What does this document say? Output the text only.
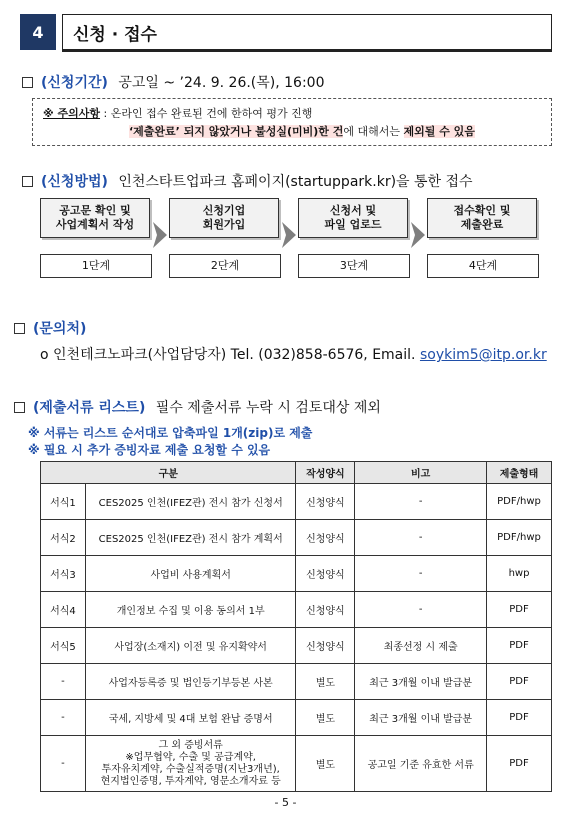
4	신청 · 접수
(신청기간) 공고일 ~ ’24. 9. 26.(목), 16:00
※ 주의사항 : 온라인 접수 완료된 건에 한하여 평가 진행
‘제출완료’ 되지 않았거나 불성실(미비)한 건에 대해서는 제외될 수 있음
(신청방법) 인천스타트업파크 홈페이지(startuppark.kr)을 통한 접수
공고문 확인 및
사업계획서 작성
신청기업
회원가입
신청서 및
파일 업로드
접수확인 및
제출완료
1단계	2단계	3단계	4단계
(문의처)
o 인천테크노파크(사업담당자) Tel. (032)858-6576, Email. soykim5@itp.or.kr
(제출서류 리스트) 필수 제출서류 누락 시 검토대상 제외
※ 서류는 리스트 순서대로 압축파일 1개(zip)로 제출
※ 필요 시 추가 증빙자료 제출 요청할 수 있음
구분		작성양식	비고	제출형태
서식1	CES2025 인천(IFEZ관) 전시 참가 신청서	신청양식	-	PDF/hwp
서식2	CES2025 인천(IFEZ관) 전시 참가 계획서	신청양식	-	PDF/hwp
서식3	사업비 사용계획서	신청양식	-	hwp
서식4	개인정보 수집 및 이용 동의서 1부	신청양식	-	PDF
서식5	사업장(소재지) 이전 및 유지확약서	신청양식	최종선정 시 제출	PDF
-	사업자등록증 및 법인등기부등본 사본	별도	최근 3개월 이내 발급분	PDF
-	국세, 지방세 및 4대 보험 완납 증명서	별도	최근 3개월 이내 발급분	PDF
-	그 외 증빙서류
※업무협약, 수출 및 공급계약,
투자유치계약, 수출실적증명(지난3개년),
현지법인증명, 투자계약, 영문소개자료 등	별도	공고일 기준 유효한 서류	PDF
- 5 -
